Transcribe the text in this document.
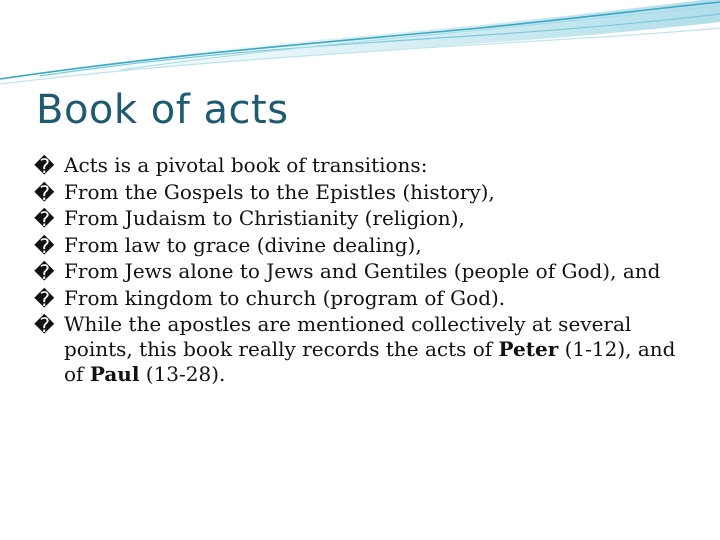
Book of acts
� Acts is a pivotal book of transitions:
� From the Gospels to the Epistles (history),
� From Judaism to Christianity (religion),
� From law to grace (divine dealing),
� From Jews alone to Jews and Gentiles (people of God), and
� From kingdom to church (program of God).
� While the apostles are mentioned collectively at several points, this book really records the acts of Peter (1-12), and of Paul (13-28).
